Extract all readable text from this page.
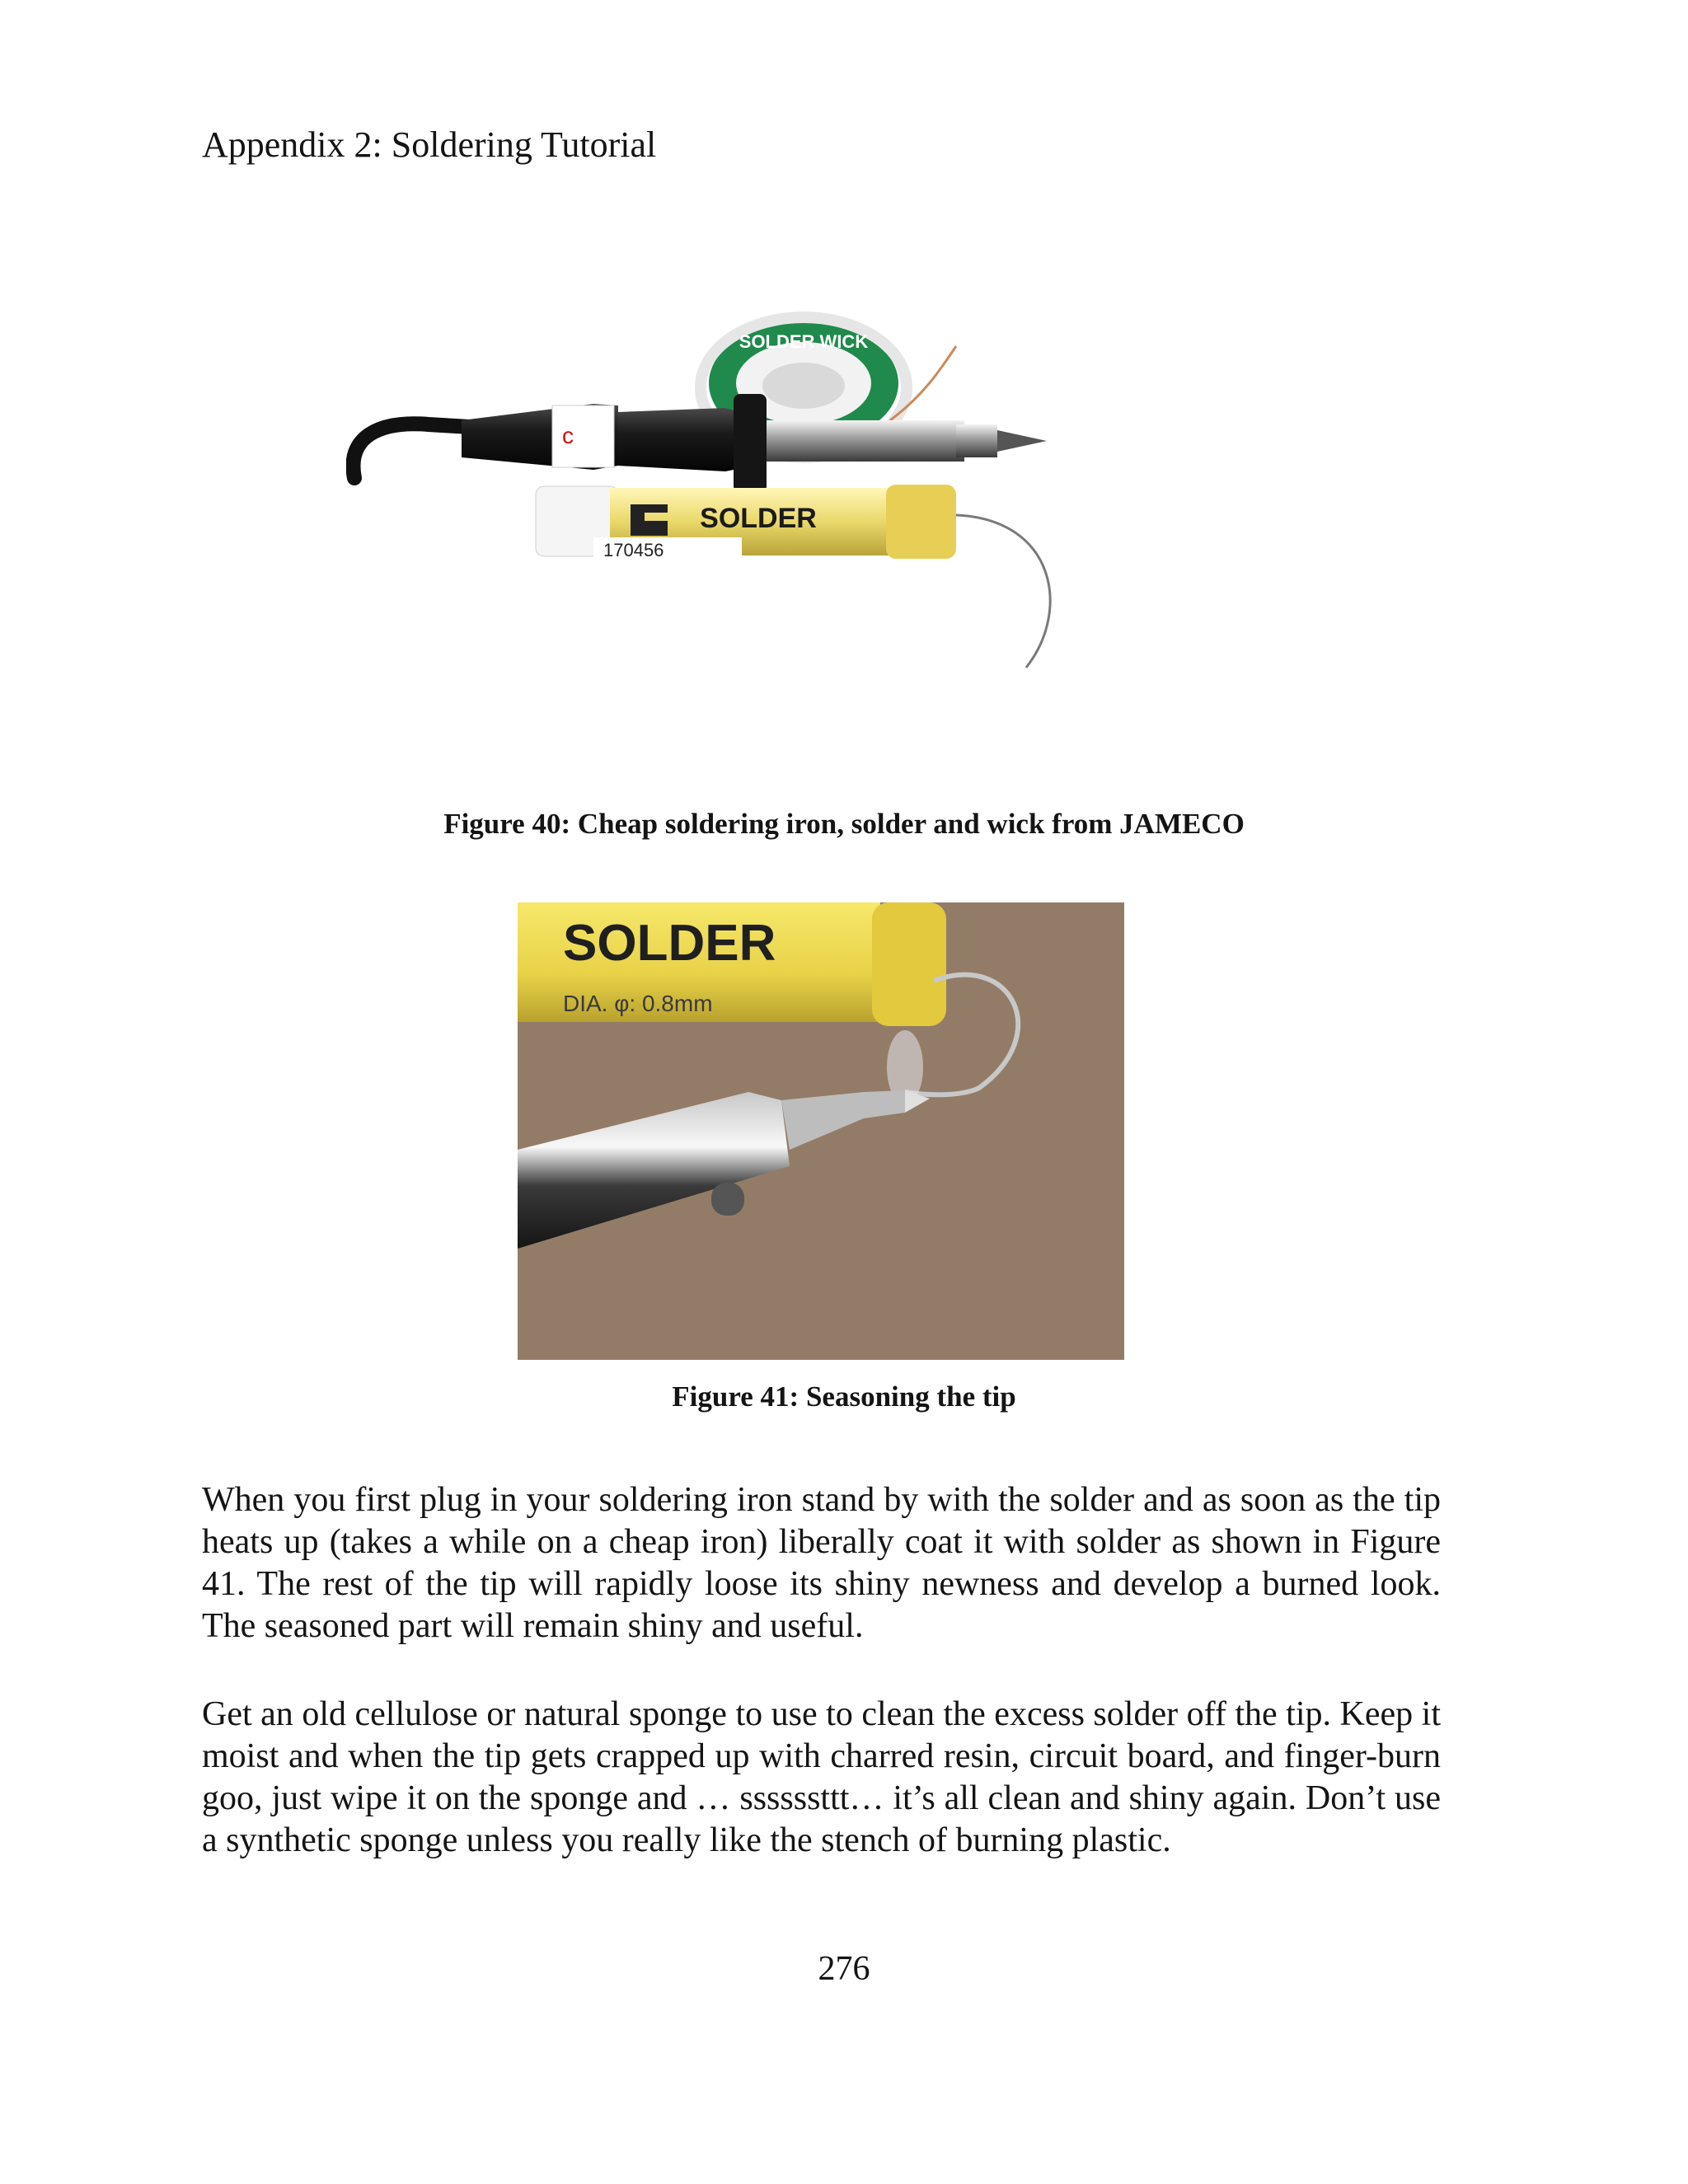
Appendix 2: Soldering Tutorial
SOLDER WICK
c
SOLDER
170456
Figure 40: Cheap soldering iron, solder and wick from JAMECO
SOLDER
DIA. φ: 0.8mm
Figure 41: Seasoning the tip

When you first plug in your soldering iron stand by with the solder and as soon as the tip heats up (takes a while on a cheap iron) liberally coat it with solder as shown in Figure 41. The rest of the tip will rapidly loose its shiny newness and develop a burned look. The seasoned part will remain shiny and useful.

Get an old cellulose or natural sponge to use to clean the excess solder off the tip. Keep it moist and when the tip gets crapped up with charred resin, circuit board, and finger-burn goo, just wipe it on the sponge and … ssssssttt… it’s all clean and shiny again. Don’t use a synthetic sponge unless you really like the stench of burning plastic.

276
